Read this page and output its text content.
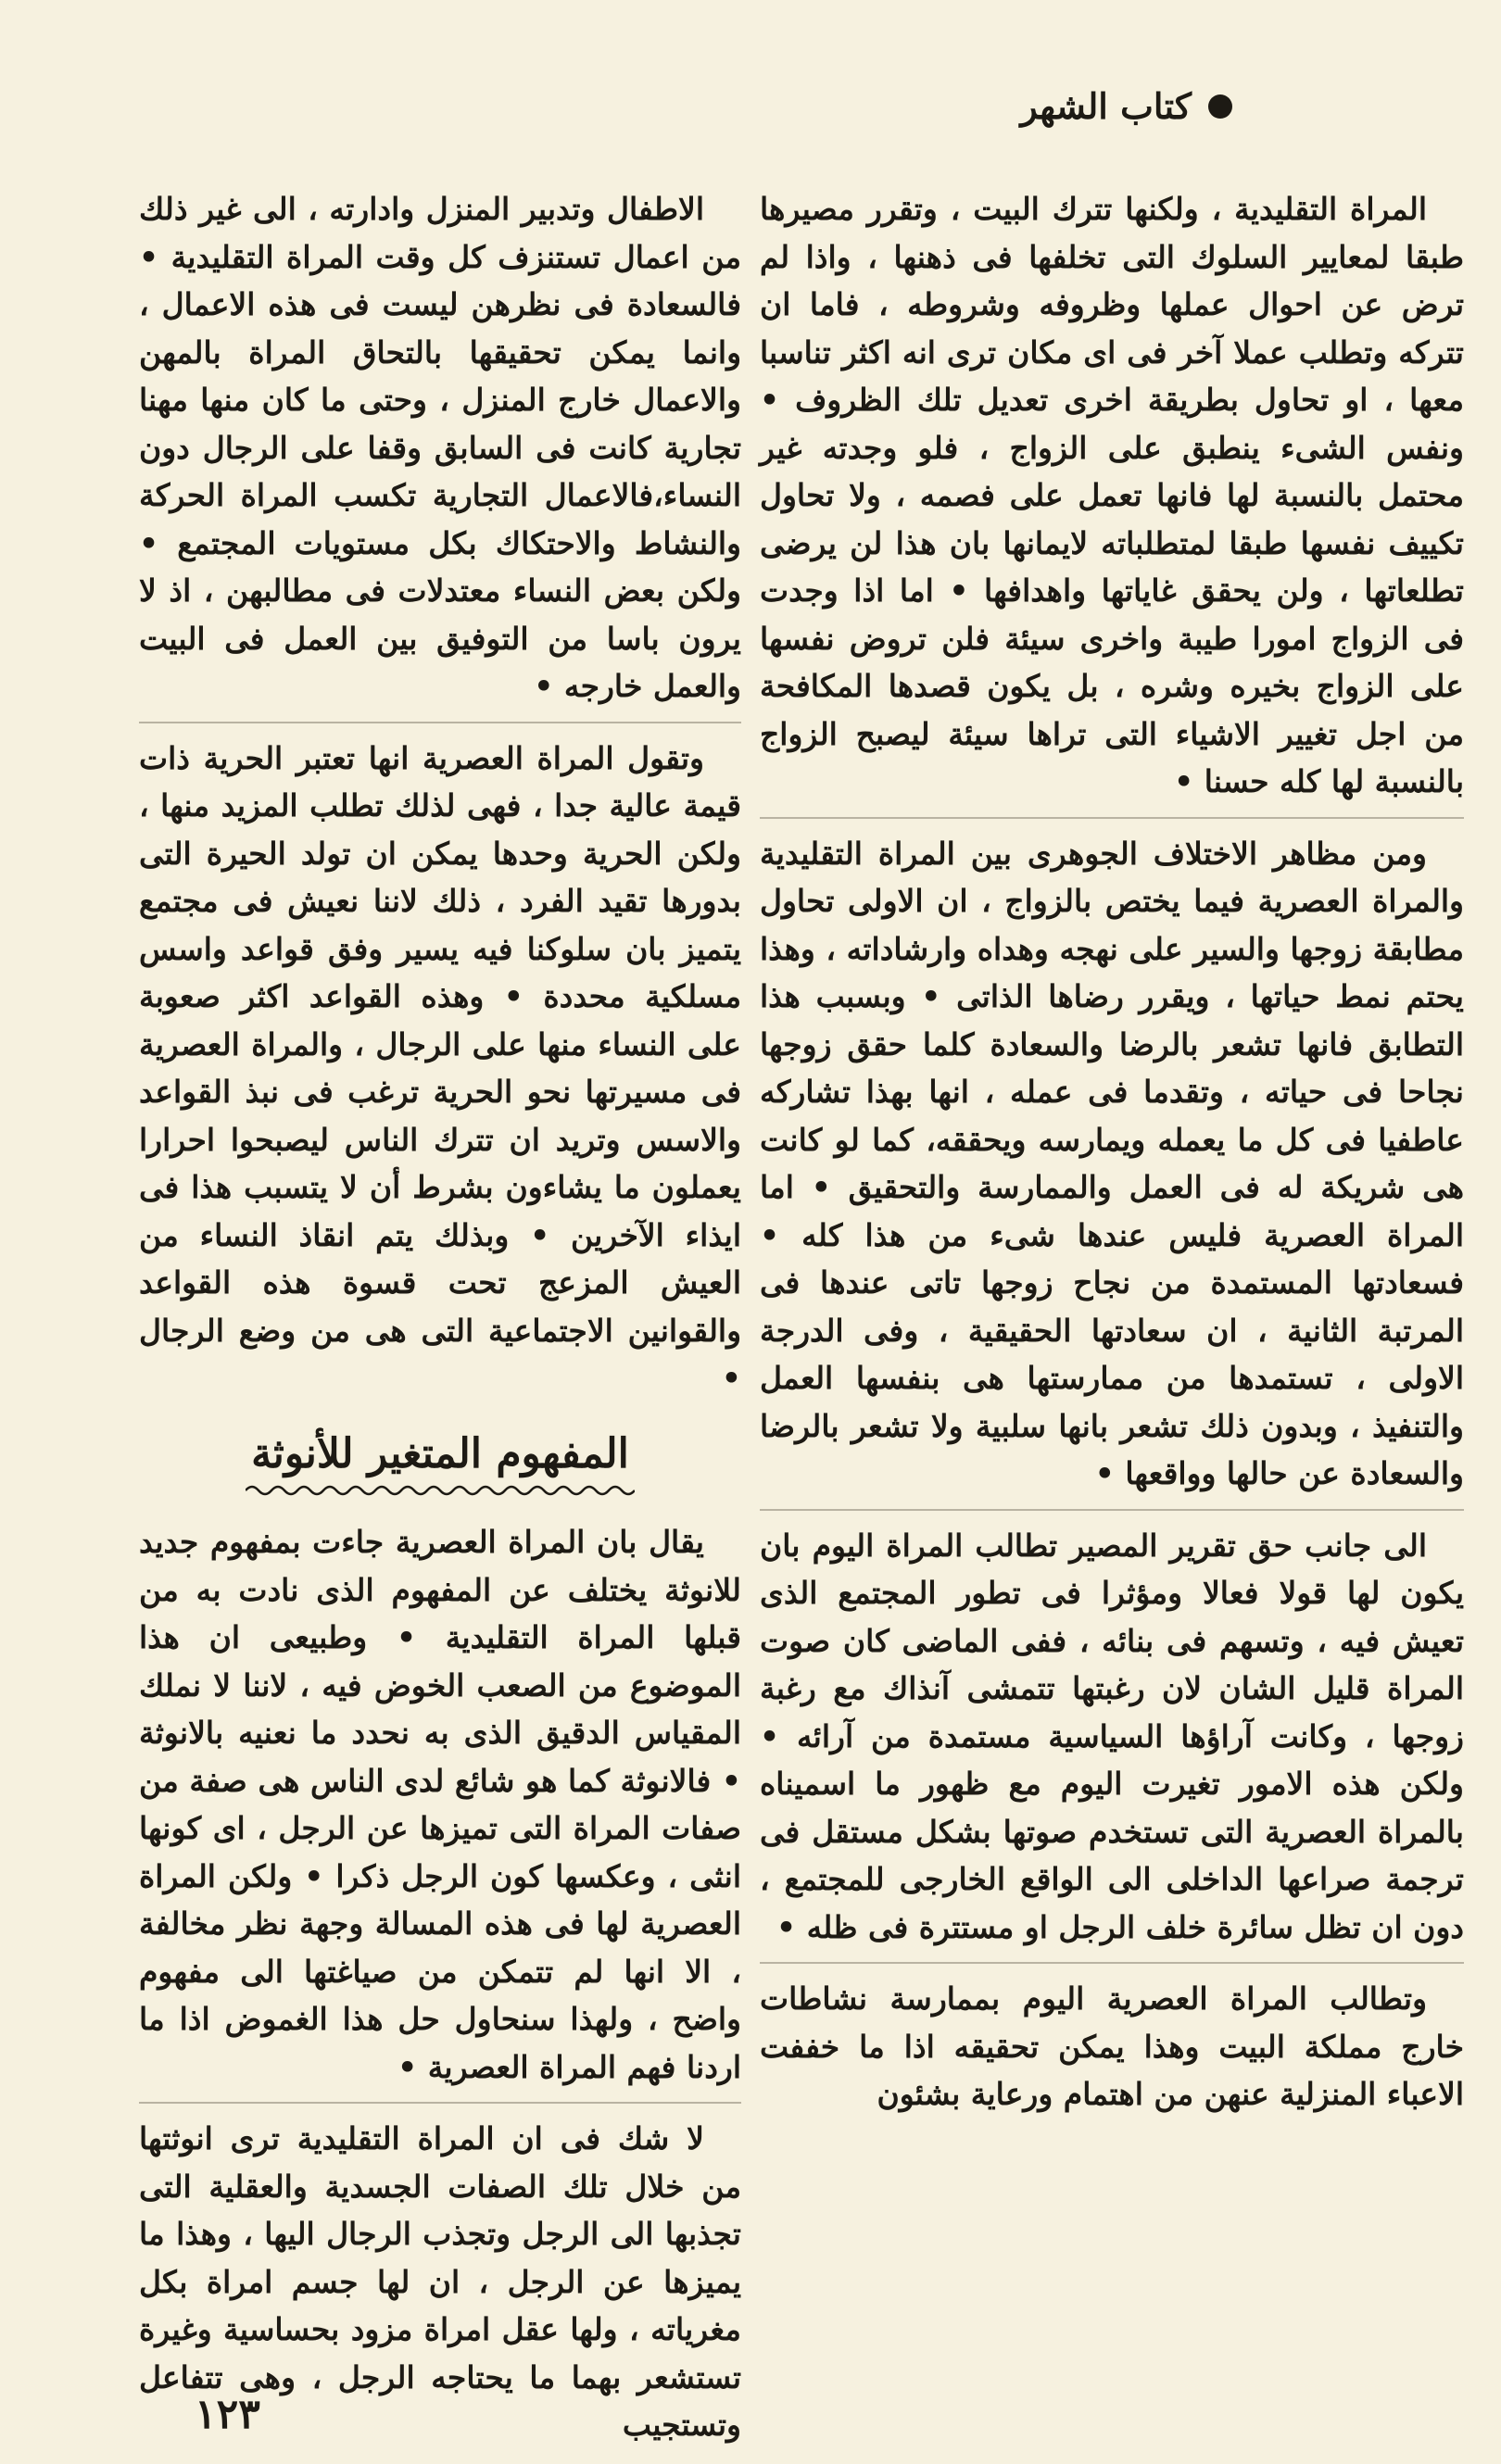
كتاب الشهر

المراة التقليدية ، ولكنها تترك البيت ، وتقرر مصيرها طبقا لمعايير السلوك التى تخلفها فى ذهنها ، واذا لم ترض عن احوال عملها وظروفه وشروطه ، فاما ان تتركه وتطلب عملا آخر فى اى مكان ترى انه اكثر تناسبا معها ، او تحاول بطريقة اخرى تعديل تلك الظروف • ونفس الشىء ينطبق على الزواج ، فلو وجدته غير محتمل بالنسبة لها فانها تعمل على فصمه ، ولا تحاول تكييف نفسها طبقا لمتطلباته لايمانها بان هذا لن يرضى تطلعاتها ، ولن يحقق غاياتها واهدافها • اما اذا وجدت فى الزواج امورا طيبة واخرى سيئة فلن تروض نفسها على الزواج بخيره وشره ، بل يكون قصدها المكافحة من اجل تغيير الاشياء التى تراها سيئة ليصبح الزواج بالنسبة لها كله حسنا •

ومن مظاهر الاختلاف الجوهرى بين المراة التقليدية والمراة العصرية فيما يختص بالزواج ، ان الاولى تحاول مطابقة زوجها والسير على نهجه وهداه وارشاداته ، وهذا يحتم نمط حياتها ، ويقرر رضاها الذاتى • وبسبب هذا التطابق فانها تشعر بالرضا والسعادة كلما حقق زوجها نجاحا فى حياته ، وتقدما فى عمله ، انها بهذا تشاركه عاطفيا فى كل ما يعمله ويمارسه ويحققه، كما لو كانت هى شريكة له فى العمل والممارسة والتحقيق • اما المراة العصرية فليس عندها شىء من هذا كله • فسعادتها المستمدة من نجاح زوجها تاتى عندها فى المرتبة الثانية ، ان سعادتها الحقيقية ، وفى الدرجة الاولى ، تستمدها من ممارستها هى بنفسها العمل والتنفيذ ، وبدون ذلك تشعر بانها سلبية ولا تشعر بالرضا والسعادة عن حالها وواقعها •

الى جانب حق تقرير المصير تطالب المراة اليوم بان يكون لها قولا فعالا ومؤثرا فى تطور المجتمع الذى تعيش فيه ، وتسهم فى بنائه ، ففى الماضى كان صوت المراة قليل الشان لان رغبتها تتمشى آنذاك مع رغبة زوجها ، وكانت آراؤها السياسية مستمدة من آرائه • ولكن هذه الامور تغيرت اليوم مع ظهور ما اسميناه بالمراة العصرية التى تستخدم صوتها بشكل مستقل فى ترجمة صراعها الداخلى الى الواقع الخارجى للمجتمع ، دون ان تظل سائرة خلف الرجل او مستترة فى ظله •

وتطالب المراة العصرية اليوم بممارسة نشاطات خارج مملكة البيت وهذا يمكن تحقيقه اذا ما خففت الاعباء المنزلية عنهن من اهتمام ورعاية بشئون

الاطفال وتدبير المنزل وادارته ، الى غير ذلك من اعمال تستنزف كل وقت المراة التقليدية • فالسعادة فى نظرهن ليست فى هذه الاعمال ، وانما يمكن تحقيقها بالتحاق المراة بالمهن والاعمال خارج المنزل ، وحتى ما كان منها مهنا تجارية كانت فى السابق وقفا على الرجال دون النساء،فالاعمال التجارية تكسب المراة الحركة والنشاط والاحتكاك بكل مستويات المجتمع • ولكن بعض النساء معتدلات فى مطالبهن ، اذ لا يرون باسا من التوفيق بين العمل فى البيت والعمل خارجه •

وتقول المراة العصرية انها تعتبر الحرية ذات قيمة عالية جدا ، فهى لذلك تطلب المزيد منها ، ولكن الحرية وحدها يمكن ان تولد الحيرة التى بدورها تقيد الفرد ، ذلك لاننا نعيش فى مجتمع يتميز بان سلوكنا فيه يسير وفق قواعد واسس مسلكية محددة • وهذه القواعد اكثر صعوبة على النساء منها على الرجال ، والمراة العصرية فى مسيرتها نحو الحرية ترغب فى نبذ القواعد والاسس وتريد ان تترك الناس ليصبحوا احرارا يعملون ما يشاءون بشرط أن لا يتسبب هذا فى ايذاء الآخرين • وبذلك يتم انقاذ النساء من العيش المزعج تحت قسوة هذه القواعد والقوانين الاجتماعية التى هى من وضع الرجال •

المفهوم المتغير للأنوثة

يقال بان المراة العصرية جاءت بمفهوم جديد للانوثة يختلف عن المفهوم الذى نادت به من قبلها المراة التقليدية • وطبيعى ان هذا الموضوع من الصعب الخوض فيه ، لاننا لا نملك المقياس الدقيق الذى به نحدد ما نعنيه بالانوثة • فالانوثة كما هو شائع لدى الناس هى صفة من صفات المراة التى تميزها عن الرجل ، اى كونها انثى ، وعكسها كون الرجل ذكرا • ولكن المراة العصرية لها فى هذه المسالة وجهة نظر مخالفة ، الا انها لم تتمكن من صياغتها الى مفهوم واضح ، ولهذا سنحاول حل هذا الغموض اذا ما اردنا فهم المراة العصرية •

لا شك فى ان المراة التقليدية ترى انوثتها من خلال تلك الصفات الجسدية والعقلية التى تجذبها الى الرجل وتجذب الرجال اليها ، وهذا ما يميزها عن الرجل ، ان لها جسم امراة بكل مغرياته ، ولها عقل امراة مزود بحساسية وغيرة تستشعر بهما ما يحتاجه الرجل ، وهى تتفاعل وتستجيب

١٢٣
